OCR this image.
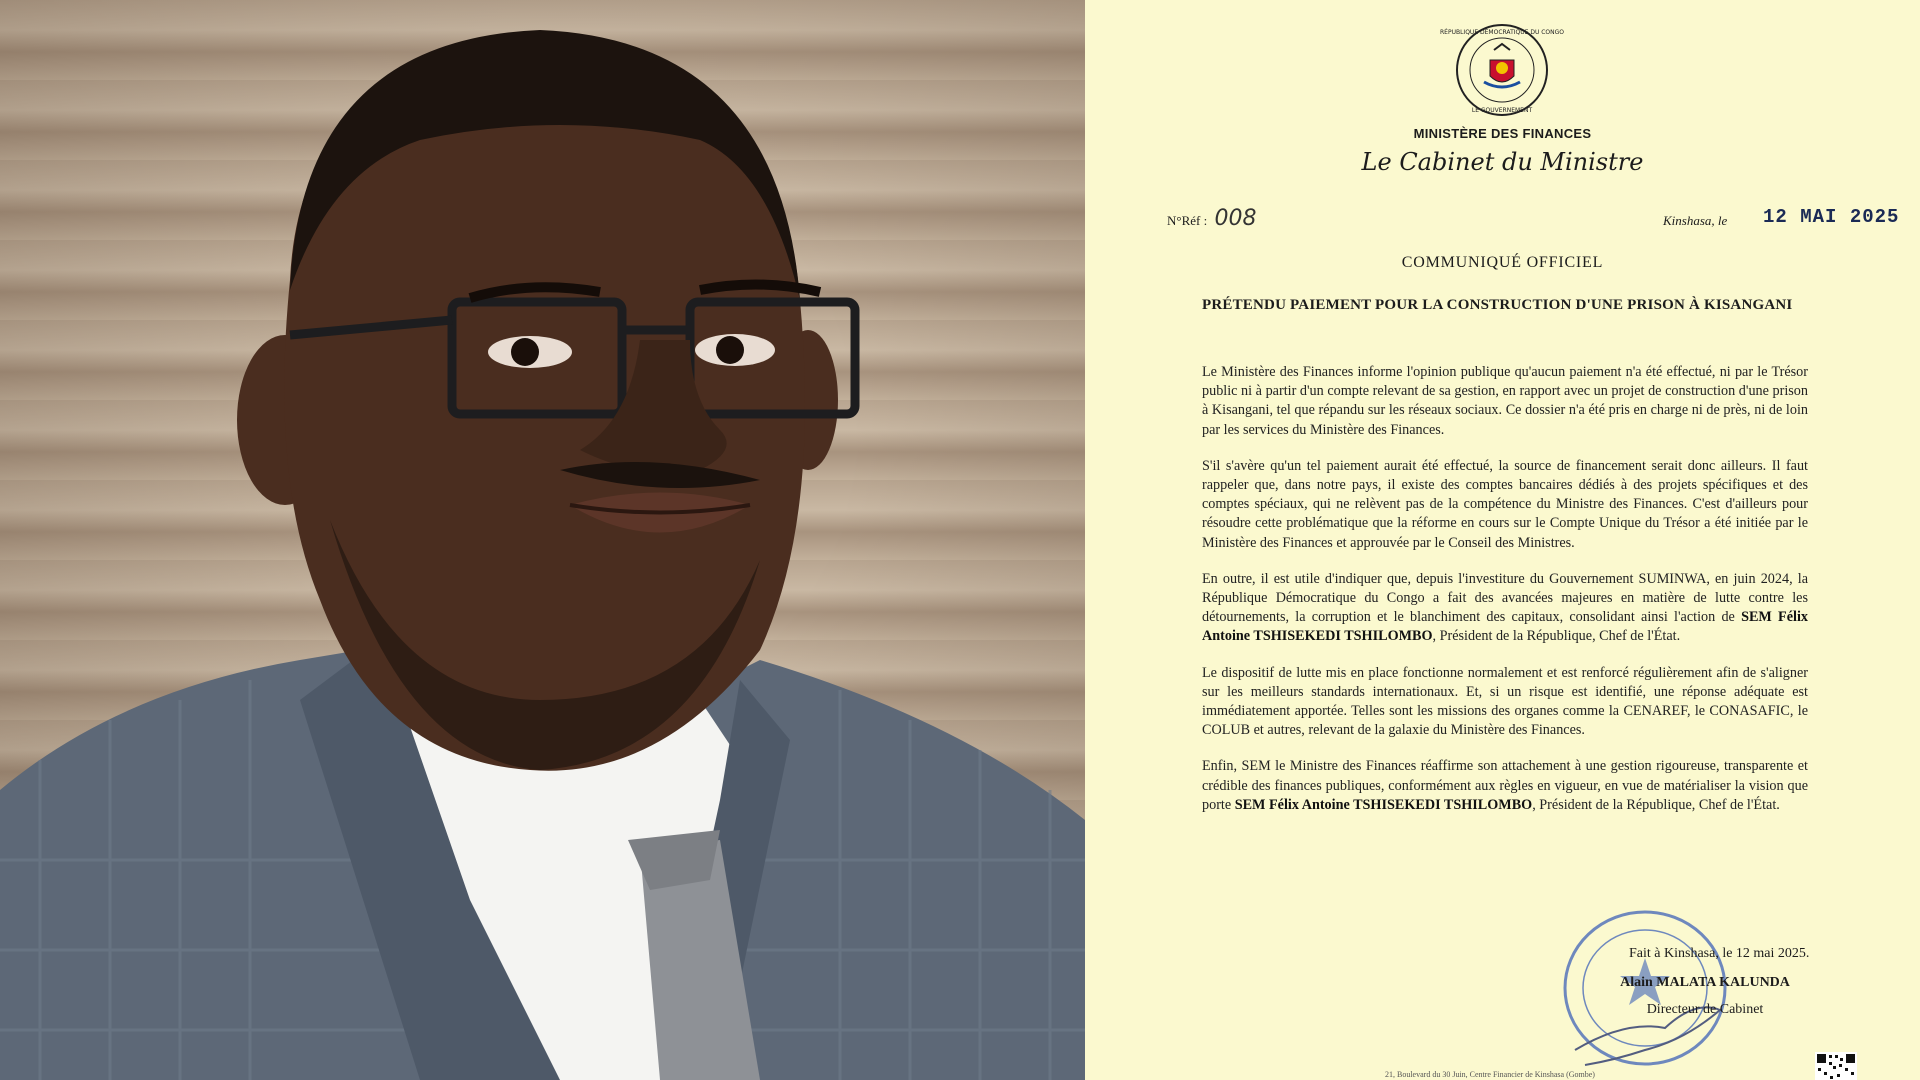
RÉPUBLIQUE DÉMOCRATIQUE DU CONGO
LE GOUVERNEMENT
MINISTÈRE DES FINANCES
Le Cabinet du Ministre
N°Réf : 008	Kinshasa, le 12 MAI 2025
COMMUNIQUÉ OFFICIEL
PRÉTENDU PAIEMENT POUR LA CONSTRUCTION D'UNE PRISON À KISANGANI

Le Ministère des Finances informe l'opinion publique qu'aucun paiement n'a été effectué, ni par le Trésor public ni à partir d'un compte relevant de sa gestion, en rapport avec un projet de construction d'une prison à Kisangani, tel que répandu sur les réseaux sociaux. Ce dossier n'a été pris en charge ni de près, ni de loin par les services du Ministère des Finances.

S'il s'avère qu'un tel paiement aurait été effectué, la source de financement serait donc ailleurs. Il faut rappeler que, dans notre pays, il existe des comptes bancaires dédiés à des projets spécifiques et des comptes spéciaux, qui ne relèvent pas de la compétence du Ministre des Finances. C'est d'ailleurs pour résoudre cette problématique que la réforme en cours sur le Compte Unique du Trésor a été initiée par le Ministère des Finances et approuvée par le Conseil des Ministres.

En outre, il est utile d'indiquer que, depuis l'investiture du Gouvernement SUMINWA, en juin 2024, la République Démocratique du Congo a fait des avancées majeures en matière de lutte contre les détournements, la corruption et le blanchiment des capitaux, consolidant ainsi l'action de SEM Félix Antoine TSHISEKEDI TSHILOMBO, Président de la République, Chef de l'État.

Le dispositif de lutte mis en place fonctionne normalement et est renforcé régulièrement afin de s'aligner sur les meilleurs standards internationaux. Et, si un risque est identifié, une réponse adéquate est immédiatement apportée. Telles sont les missions des organes comme la CENAREF, le CONASAFIC, le COLUB et autres, relevant de la galaxie du Ministère des Finances.

Enfin, SEM le Ministre des Finances réaffirme son attachement à une gestion rigoureuse, transparente et crédible des finances publiques, conformément aux règles en vigueur, en vue de matérialiser la vision que porte SEM Félix Antoine TSHISEKEDI TSHILOMBO, Président de la République, Chef de l'État.

Fait à Kinshasa, le 12 mai 2025.
Alain MALATA KALUNDA
Directeur de Cabinet
21, Boulevard du 30 Juin, Centre Financier de Kinshasa (Gombe)
